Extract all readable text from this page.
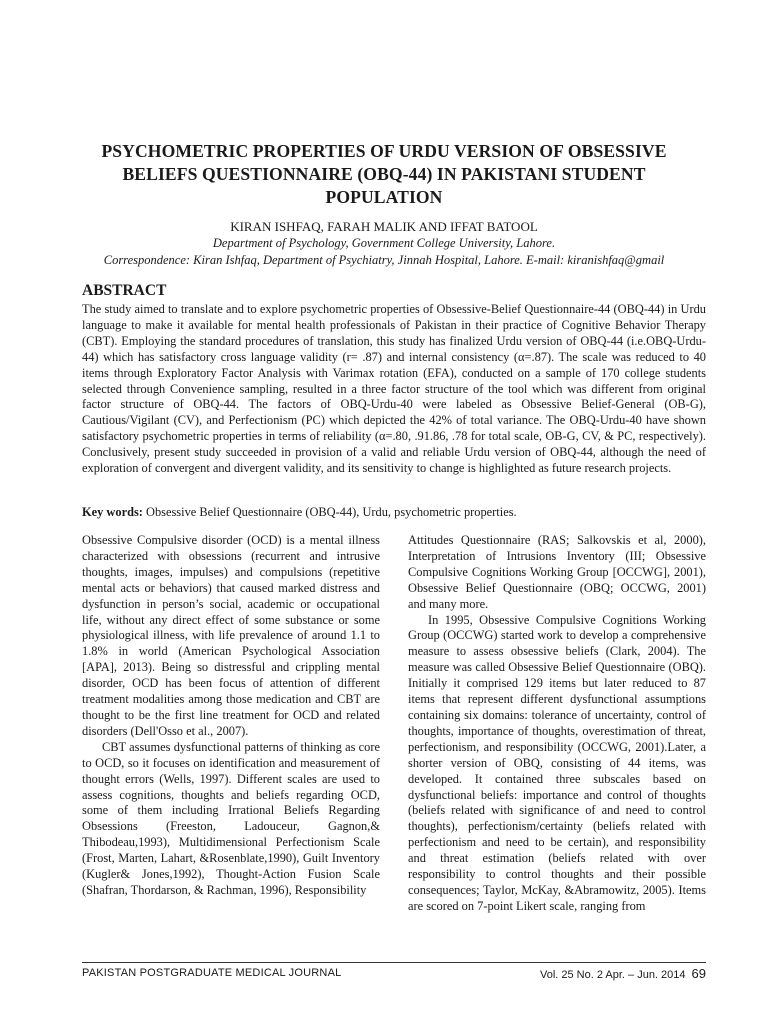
PSYCHOMETRIC PROPERTIES OF URDU VERSION OF OBSESSIVE
BELIEFS QUESTIONNAIRE (OBQ-44) IN PAKISTANI STUDENT
POPULATION
KIRAN ISHFAQ, FARAH MALIK AND IFFAT BATOOL
Department of Psychology, Government College University, Lahore.
Correspondence: Kiran Ishfaq, Department of Psychiatry, Jinnah Hospital, Lahore. E-mail: kiranishfaq@gmail
ABSTRACT
The study aimed to translate and to explore psychometric properties of Obsessive-Belief Questionnaire-44 (OBQ-44) in Urdu language to make it available for mental health professionals of Pakistan in their practice of Cognitive Behavior Therapy (CBT). Employing the standard procedures of translation, this study has finalized Urdu version of OBQ-44 (i.e.OBQ-Urdu-44) which has satisfactory cross language validity (r= .87) and internal consistency (α=.87). The scale was reduced to 40 items through Exploratory Factor Analysis with Varimax rotation (EFA), conducted on a sample of 170 college students selected through Convenience sampling, resulted in a three factor structure of the tool which was different from original factor structure of OBQ-44. The factors of OBQ-Urdu-40 were labeled as Obsessive Belief-General (OB-G), Cautious/Vigilant (CV), and Perfectionism (PC) which depicted the 42% of total variance. The OBQ-Urdu-40 have shown satisfactory psychometric properties in terms of reliability (α=.80, .91.86, .78 for total scale, OB-G, CV, & PC, respectively). Conclusively, present study succeeded in provision of a valid and reliable Urdu version of OBQ-44, although the need of exploration of convergent and divergent validity, and its sensitivity to change is highlighted as future research projects.
Key words: Obsessive Belief Questionnaire (OBQ-44), Urdu, psychometric properties.

Obsessive Compulsive disorder (OCD) is a mental illness characterized with obsessions (recurrent and intrusive thoughts, images, impulses) and compulsions (repetitive mental acts or behaviors) that caused marked distress and dysfunction in person’s social, academic or occupational life, without any direct effect of some substance or some physiological illness, with life prevalence of around 1.1 to 1.8% in world (American Psychological Association [APA], 2013). Being so distressful and crippling mental disorder, OCD has been focus of attention of different treatment modalities among those medication and CBT are thought to be the first line treatment for OCD and related disorders (Dell'Osso et al., 2007).

CBT assumes dysfunctional patterns of thinking as core to OCD, so it focuses on identification and measurement of thought errors (Wells, 1997). Different scales are used to assess cognitions, thoughts and beliefs regarding OCD, some of them including Irrational Beliefs Regarding Obsessions (Freeston, Ladouceur, Gagnon,& Thibodeau,1993), Multidimensional Perfectionism Scale (Frost, Marten, Lahart, &Rosenblate,1990), Guilt Inventory (Kugler& Jones,1992), Thought-Action Fusion Scale (Shafran, Thordarson, & Rachman, 1996), Responsibility

Attitudes Questionnaire (RAS; Salkovskis et al, 2000), Interpretation of Intrusions Inventory (III; Obsessive Compulsive Cognitions Working Group [OCCWG], 2001), Obsessive Belief Questionnaire (OBQ; OCCWG, 2001) and many more.

In 1995, Obsessive Compulsive Cognitions Working Group (OCCWG) started work to develop a comprehensive measure to assess obsessive beliefs (Clark, 2004). The measure was called Obsessive Belief Questionnaire (OBQ). Initially it comprised 129 items but later reduced to 87 items that represent different dysfunctional assumptions containing six domains: tolerance of uncertainty, control of thoughts, importance of thoughts, overestimation of threat, perfectionism, and responsibility (OCCWG, 2001).Later, a shorter version of OBQ, consisting of 44 items, was developed. It contained three subscales based on dysfunctional beliefs: importance and control of thoughts (beliefs related with significance of and need to control thoughts), perfectionism/certainty (beliefs related with perfectionism and need to be certain), and responsibility and threat estimation (beliefs related with over responsibility to control thoughts and their possible consequences; Taylor, McKay, &Abramowitz, 2005). Items are scored on 7-point Likert scale, ranging from

PAKISTAN POSTGRADUATE MEDICAL JOURNAL	Vol. 25 No. 2 Apr. – Jun. 2014 69
